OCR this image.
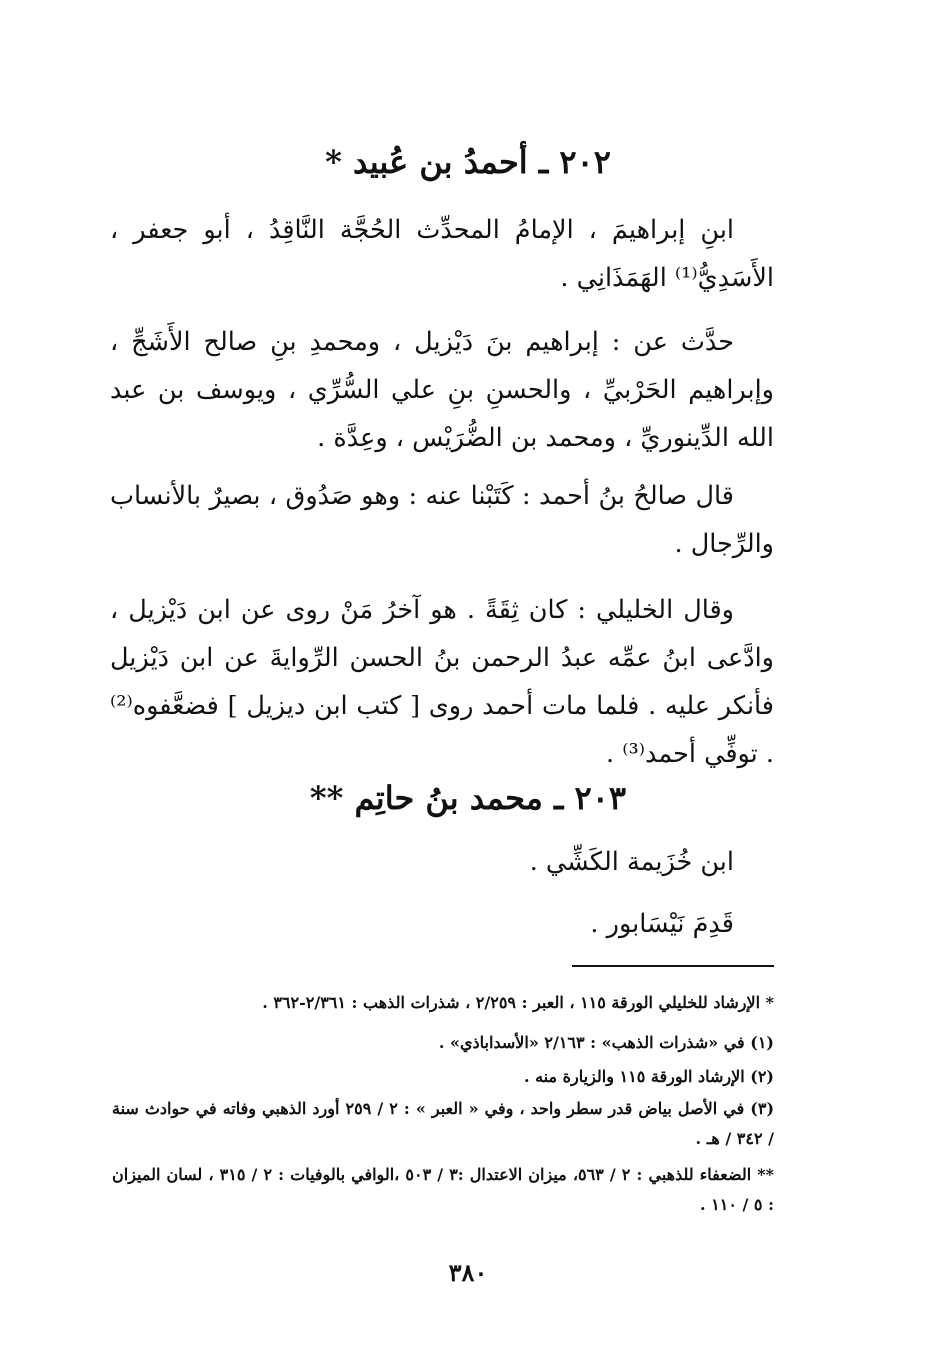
٢٠٢ ـ أحمدُ بن عُبيد *

ابنِ إبراهيمَ ، الإمامُ المحدِّث الحُجَّة النَّاقِدُ ، أبو جعفر ، الأَسَدِيُّ⁽¹⁾ الهَمَذَانِي .

حدَّث عن : إبراهيم بنَ دَيْزيل ، ومحمدِ بنِ صالح الأَشَجِّ ، وإبراهيم الحَرْبيِّ ، والحسنِ بنِ علي السُّرِّي ، ويوسف بن عبد الله الدِّينوريِّ ، ومحمد بن الضُّرَيْس ، وعِدَّة .

قال صالحُ بنُ أحمد : كَتَبْنا عنه : وهو صَدُوق ، بصيرٌ بالأنساب والرِّجال .

وقال الخليلي : كان ثِقَةً . هو آخرُ مَنْ روى عن ابن دَيْزيل ، وادَّعى ابنُ عمِّه عبدُ الرحمن بنُ الحسن الرِّوايةَ عن ابن دَيْزيل فأنكر عليه . فلما مات أحمد روى [ كتب ابن ديزيل ] فضعَّفوه⁽²⁾ . توفِّي أحمد⁽³⁾ .

٢٠٣ ـ محمد بنُ حاتِم **

ابن خُزَيمة الكَشِّي .

قَدِمَ نَيْسَابور .

* الإرشاد للخليلي الورقة ١١٥ ، العبر : ٢/٢٥٩ ، شذرات الذهب : ٢/٣٦١-٣٦٢ .
(١) في «شذرات الذهب» : ٢/١٦٣ «الأسداباذي» .
(٢) الإرشاد الورقة ١١٥ والزيارة منه .
(٣) في الأصل بياض قدر سطر واحد ، وفي « العبر » : ٢ / ٢٥٩ أورد الذهبي وفاته في حوادث سنة / ٣٤٢ / هـ .
** الضعفاء للذهبي : ٢ / ٥٦٣، ميزان الاعتدال :٣ / ٥٠٣ ،الوافي بالوفيات : ٢ / ٣١٥ ، لسان الميزان : ٥ / ١١٠ .
٣٨٠
